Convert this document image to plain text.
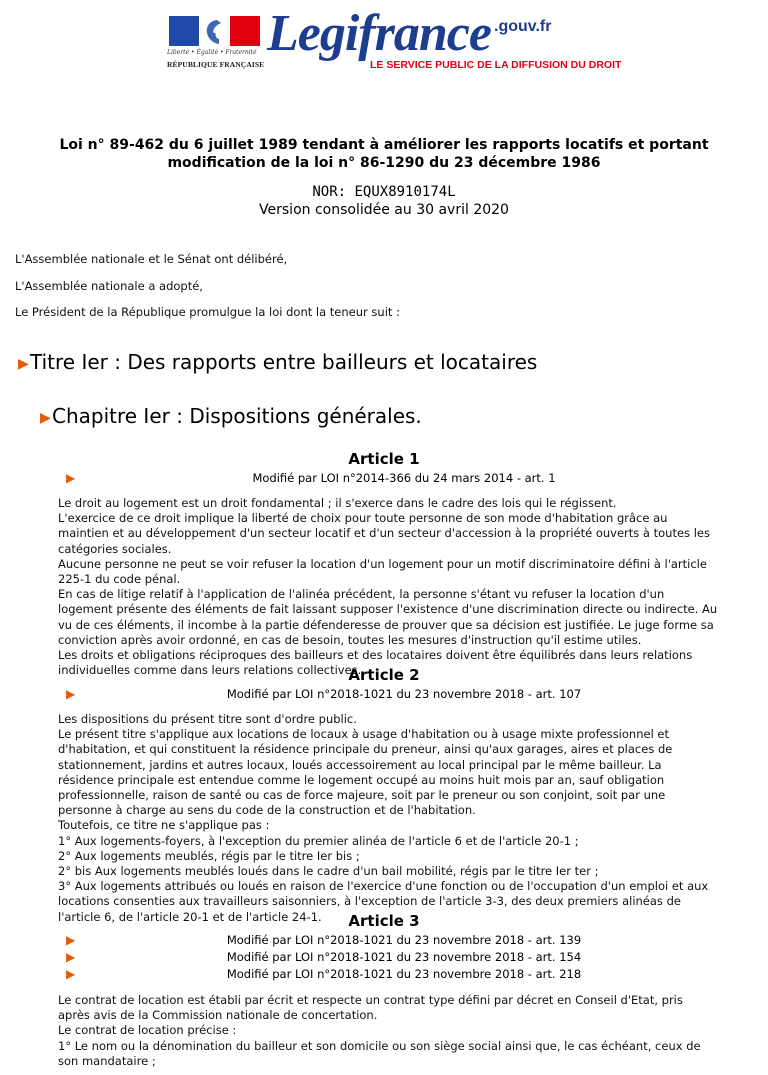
Liberté • Égalité • Fraternité
RÉPUBLIQUE FRANÇAISE
Legifrance .gouv.fr
LE SERVICE PUBLIC DE LA DIFFUSION DU DROIT
Loi n° 89-462 du 6 juillet 1989 tendant à améliorer les rapports locatifs et portant
modification de la loi n° 86-1290 du 23 décembre 1986
NOR: EQUX8910174L
Version consolidée au 30 avril 2020
L'Assemblée nationale et le Sénat ont délibéré,
L'Assemblée nationale a adopté,
Le Président de la République promulgue la loi dont la teneur suit :
▶Titre Ier : Des rapports entre bailleurs et locataires
▶Chapitre Ier : Dispositions générales.
Article 1
▶	Modifié par LOI n°2014-366 du 24 mars 2014 - art. 1
Le droit au logement est un droit fondamental ; il s'exerce dans le cadre des lois qui le régissent.
L'exercice de ce droit implique la liberté de choix pour toute personne de son mode d'habitation grâce au
maintien et au développement d'un secteur locatif et d'un secteur d'accession à la propriété ouverts à toutes les
catégories sociales.
Aucune personne ne peut se voir refuser la location d'un logement pour un motif discriminatoire défini à l'article
225-1 du code pénal.
En cas de litige relatif à l'application de l'alinéa précédent, la personne s'étant vu refuser la location d'un
logement présente des éléments de fait laissant supposer l'existence d'une discrimination directe ou indirecte. Au
vu de ces éléments, il incombe à la partie défenderesse de prouver que sa décision est justifiée. Le juge forme sa
conviction après avoir ordonné, en cas de besoin, toutes les mesures d'instruction qu'il estime utiles.
Les droits et obligations réciproques des bailleurs et des locataires doivent être équilibrés dans leurs relations
individuelles comme dans leurs relations collectives.
Article 2
▶	Modifié par LOI n°2018-1021 du 23 novembre 2018 - art. 107
Les dispositions du présent titre sont d'ordre public.
Le présent titre s'applique aux locations de locaux à usage d'habitation ou à usage mixte professionnel et
d'habitation, et qui constituent la résidence principale du preneur, ainsi qu'aux garages, aires et places de
stationnement, jardins et autres locaux, loués accessoirement au local principal par le même bailleur. La
résidence principale est entendue comme le logement occupé au moins huit mois par an, sauf obligation
professionnelle, raison de santé ou cas de force majeure, soit par le preneur ou son conjoint, soit par une
personne à charge au sens du code de la construction et de l'habitation.
Toutefois, ce titre ne s'applique pas :
1° Aux logements-foyers, à l'exception du premier alinéa de l'article 6 et de l'article 20-1 ;
2° Aux logements meublés, régis par le titre Ier bis ;
2° bis Aux logements meublés loués dans le cadre d'un bail mobilité, régis par le titre Ier ter ;
3° Aux logements attribués ou loués en raison de l'exercice d'une fonction ou de l'occupation d'un emploi et aux
locations consenties aux travailleurs saisonniers, à l'exception de l'article 3-3, des deux premiers alinéas de
l'article 6, de l'article 20-1 et de l'article 24-1.	Article 3
▶	Modifié par LOI n°2018-1021 du 23 novembre 2018 - art. 139
▶	Modifié par LOI n°2018-1021 du 23 novembre 2018 - art. 154
▶	Modifié par LOI n°2018-1021 du 23 novembre 2018 - art. 218
Le contrat de location est établi par écrit et respecte un contrat type défini par décret en Conseil d'Etat, pris
après avis de la Commission nationale de concertation.
Le contrat de location précise :
1° Le nom ou la dénomination du bailleur et son domicile ou son siège social ainsi que, le cas échéant, ceux de
son mandataire ;
